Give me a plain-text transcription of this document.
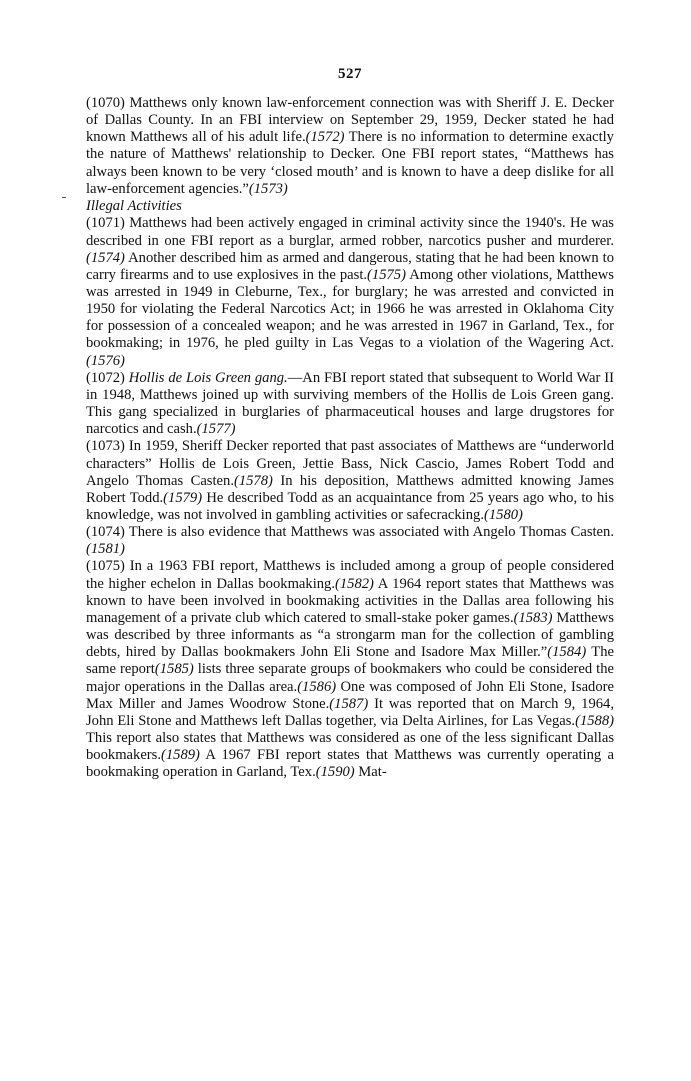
527

(1070) Matthews only known law-enforcement connection was with Sheriff J. E. Decker of Dallas County. In an FBI interview on September 29, 1959, Decker stated he had known Matthews all of his adult life.(1572) There is no information to determine exactly the nature of Matthews' relationship to Decker. One FBI report states, “Matthews has always been known to be very ‘closed mouth’ and is known to have a deep dislike for all law-enforcement agencies.”(1573)

Illegal Activities

(1071) Matthews had been actively engaged in criminal activity since the 1940's. He was described in one FBI report as a burglar, armed robber, narcotics pusher and murderer.(1574) Another described him as armed and dangerous, stating that he had been known to carry firearms and to use explosives in the past.(1575) Among other violations, Matthews was arrested in 1949 in Cleburne, Tex., for burglary; he was arrested and convicted in 1950 for violating the Federal Narcotics Act; in 1966 he was arrested in Oklahoma City for possession of a concealed weapon; and he was arrested in 1967 in Garland, Tex., for bookmaking; in 1976, he pled guilty in Las Vegas to a violation of the Wagering Act.(1576)

(1072) Hollis de Lois Green gang.—An FBI report stated that subsequent to World War II in 1948, Matthews joined up with surviving members of the Hollis de Lois Green gang. This gang specialized in burglaries of pharmaceutical houses and large drugstores for narcotics and cash.(1577)

(1073) In 1959, Sheriff Decker reported that past associates of Matthews are “underworld characters” Hollis de Lois Green, Jettie Bass, Nick Cascio, James Robert Todd and Angelo Thomas Casten.(1578) In his deposition, Matthews admitted knowing James Robert Todd.(1579) He described Todd as an acquaintance from 25 years ago who, to his knowledge, was not involved in gambling activities or safecracking.(1580)

(1074) There is also evidence that Matthews was associated with Angelo Thomas Casten.(1581)

(1075) In a 1963 FBI report, Matthews is included among a group of people considered the higher echelon in Dallas bookmaking.(1582) A 1964 report states that Matthews was known to have been involved in bookmaking activities in the Dallas area following his management of a private club which catered to small-stake poker games.(1583) Matthews was described by three informants as “a strongarm man for the collection of gambling debts, hired by Dallas bookmakers John Eli Stone and Isadore Max Miller.”(1584) The same report(1585) lists three separate groups of bookmakers who could be considered the major operations in the Dallas area.(1586) One was composed of John Eli Stone, Isadore Max Miller and James Woodrow Stone.(1587) It was reported that on March 9, 1964, John Eli Stone and Matthews left Dallas together, via Delta Airlines, for Las Vegas.(1588) This report also states that Matthews was considered as one of the less significant Dallas bookmakers.(1589) A 1967 FBI report states that Matthews was currently operating a bookmaking operation in Garland, Tex.(1590) Mat-
